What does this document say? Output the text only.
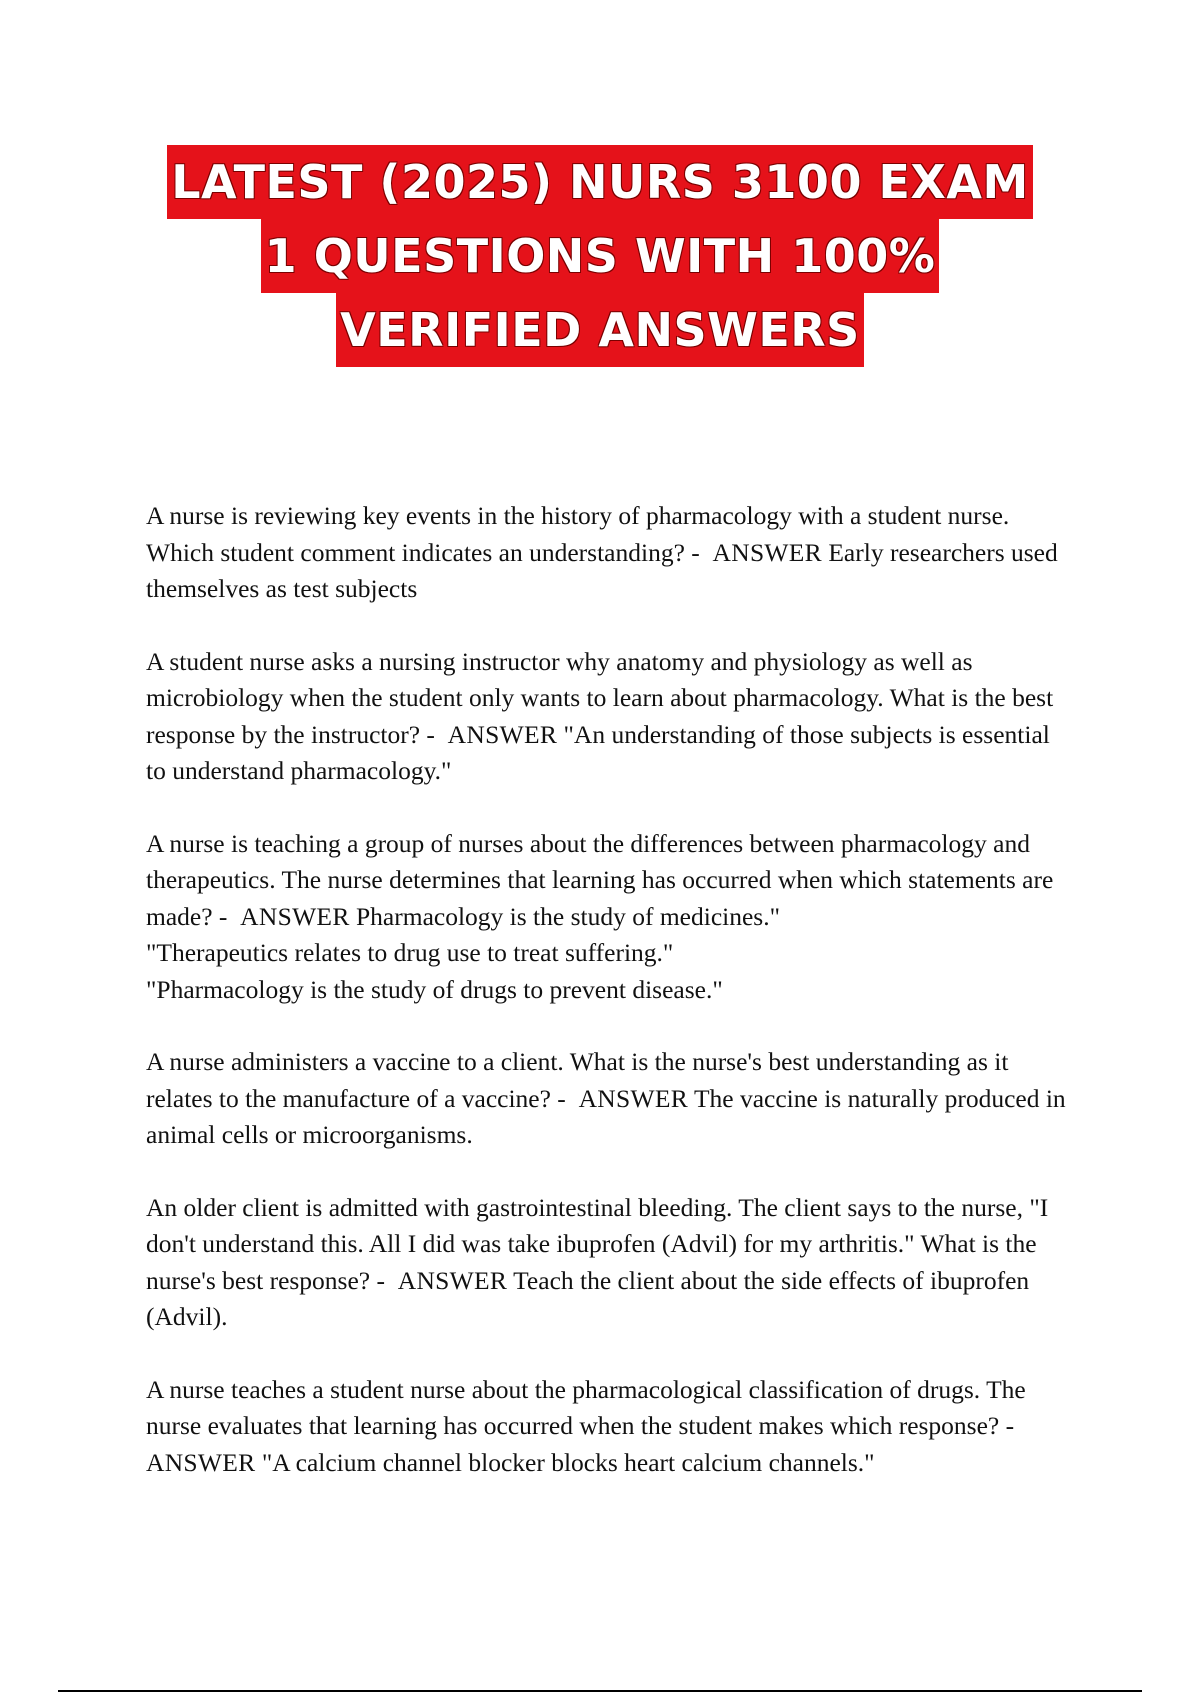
LATEST (2025) NURS 3100 EXAM
1 QUESTIONS WITH 100%
VERIFIED ANSWERS

A nurse is reviewing key events in the history of pharmacology with a student nurse. Which student comment indicates an understanding? - ANSWER Early researchers used themselves as test subjects

A student nurse asks a nursing instructor why anatomy and physiology as well as microbiology when the student only wants to learn about pharmacology. What is the best response by the instructor? - ANSWER "An understanding of those subjects is essential to understand pharmacology."

A nurse is teaching a group of nurses about the differences between pharmacology and therapeutics. The nurse determines that learning has occurred when which statements are made? - ANSWER Pharmacology is the study of medicines."

"Therapeutics relates to drug use to treat suffering."

"Pharmacology is the study of drugs to prevent disease."

A nurse administers a vaccine to a client. What is the nurse's best understanding as it relates to the manufacture of a vaccine? - ANSWER The vaccine is naturally produced in animal cells or microorganisms.

An older client is admitted with gastrointestinal bleeding. The client says to the nurse, "I don't understand this. All I did was take ibuprofen (Advil) for my arthritis." What is the nurse's best response? - ANSWER Teach the client about the side effects of ibuprofen (Advil).

A nurse teaches a student nurse about the pharmacological classification of drugs. The nurse evaluates that learning has occurred when the student makes which response? -  ANSWER "A calcium channel blocker blocks heart calcium channels."
